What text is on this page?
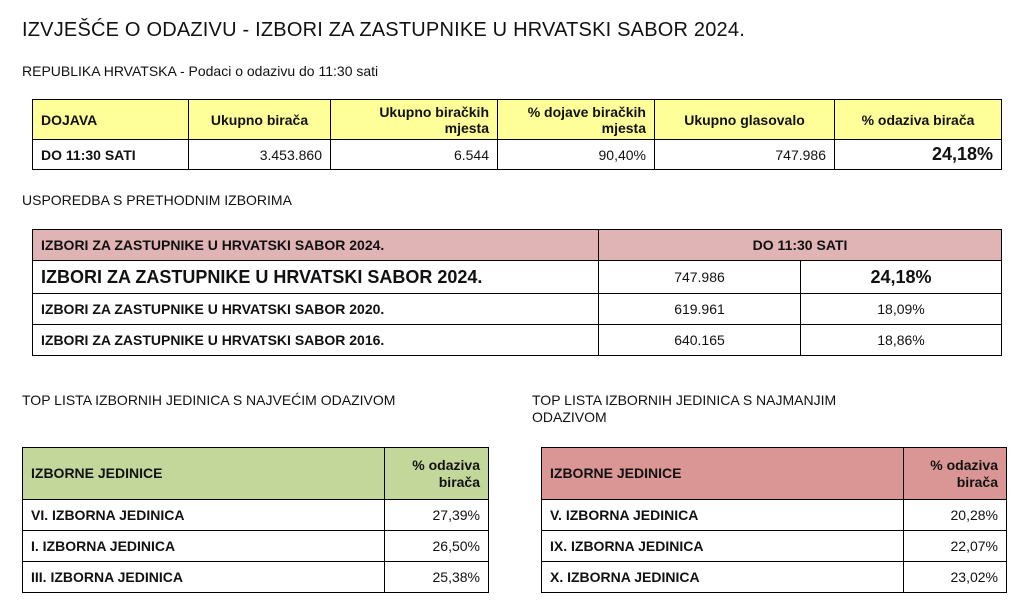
IZVJEŠĆE O ODAZIVU - IZBORI ZA ZASTUPNIKE U HRVATSKI SABOR 2024.
REPUBLIKA HRVATSKA - Podaci o odazivu do 11:30 sati
DOJAVA	Ukupno birača	Ukupno biračkih mjesta	% dojave biračkih mjesta	Ukupno glasovalo	% odaziva birača
DO 11:30 SATI	3.453.860	6.544	90,40%	747.986	24,18%
USPOREDBA S PRETHODNIM IZBORIMA
IZBORI ZA ZASTUPNIKE U HRVATSKI SABOR 2024.	DO 11:30 SATI	
IZBORI ZA ZASTUPNIKE U HRVATSKI SABOR 2024.	747.986	24,18%
IZBORI ZA ZASTUPNIKE U HRVATSKI SABOR 2020.	619.961	18,09%
IZBORI ZA ZASTUPNIKE U HRVATSKI SABOR 2016.	640.165	18,86%
TOP LISTA IZBORNIH JEDINICA S NAJVEĆIM ODAZIVOM	TOP LISTA IZBORNIH JEDINICA S NAJMANJIM ODAZIVOM
IZBORNE JEDINICE	% odaziva birača
VI. IZBORNA JEDINICA	27,39%
I. IZBORNA JEDINICA	26,50%
III. IZBORNA JEDINICA	25,38%
IZBORNE JEDINICE	% odaziva birača
V. IZBORNA JEDINICA	20,28%
IX. IZBORNA JEDINICA	22,07%
X. IZBORNA JEDINICA	23,02%
